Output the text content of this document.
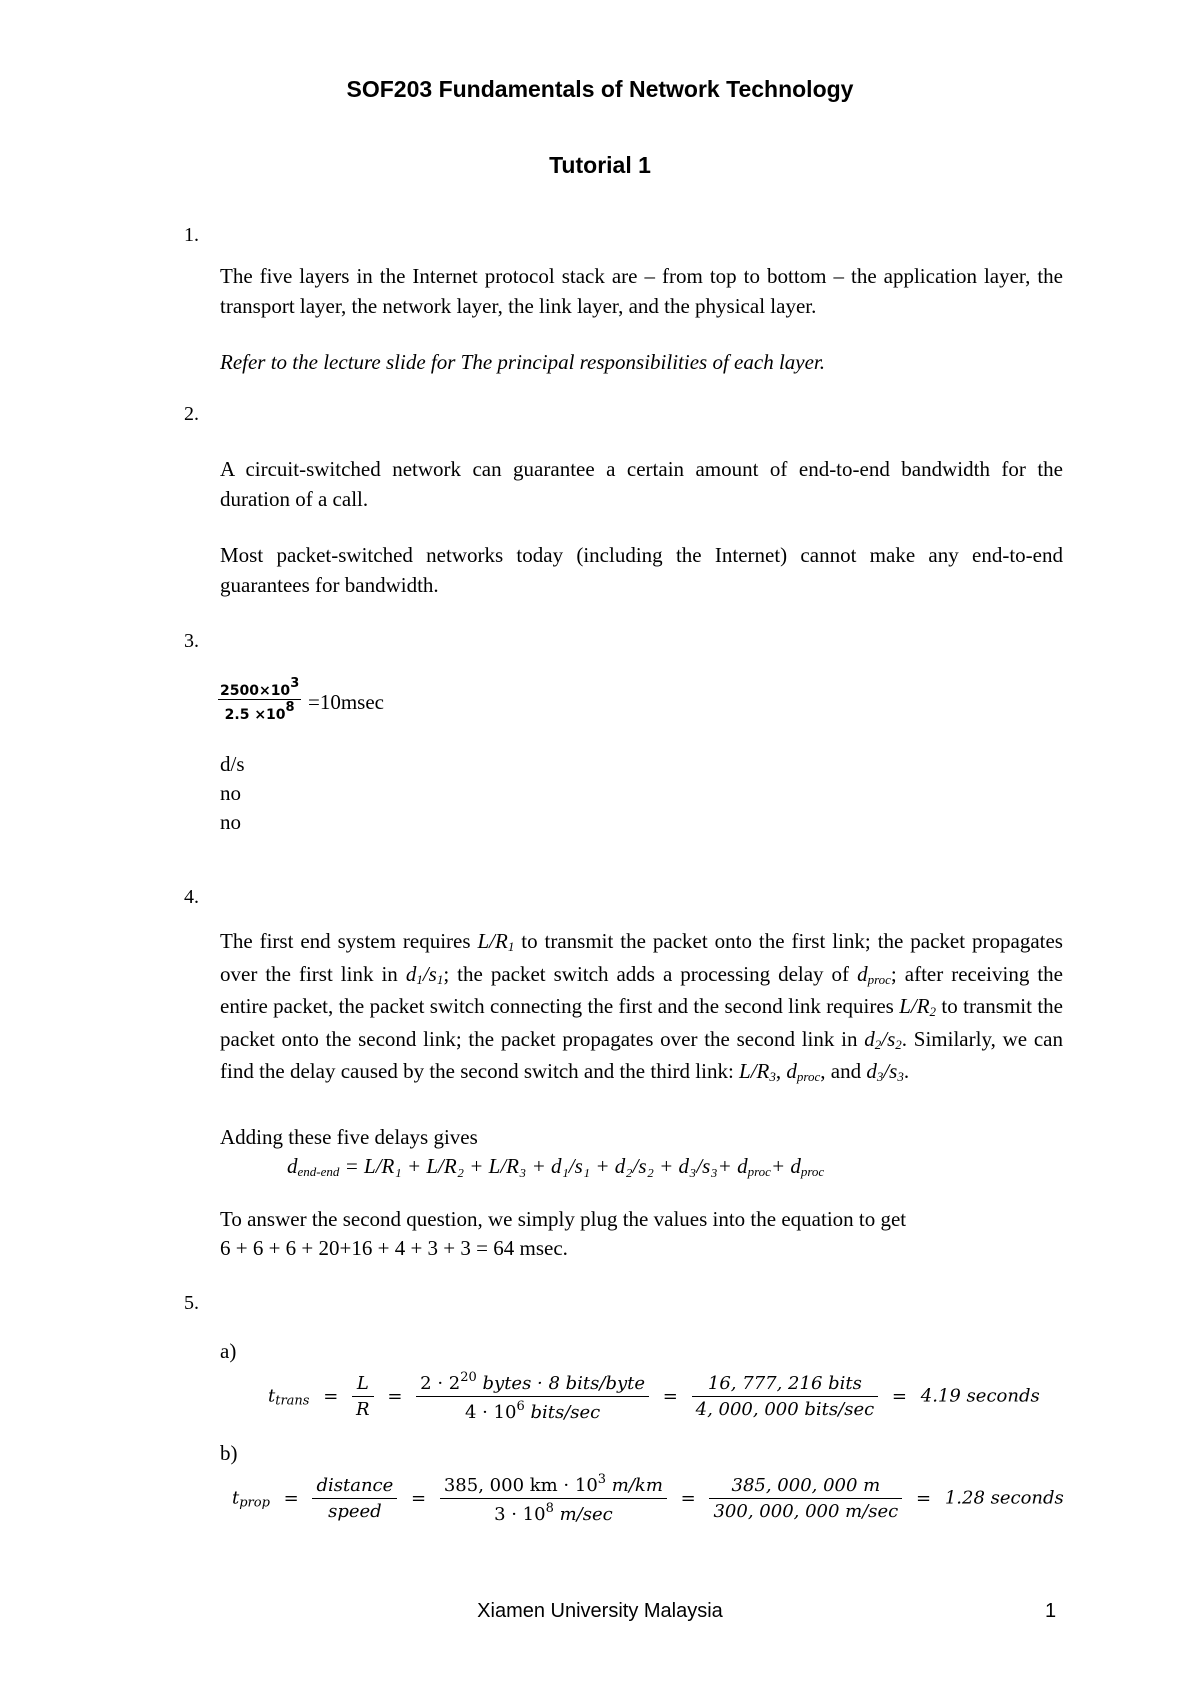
SOF203 Fundamentals of Network Technology
Tutorial 1
1.

The five layers in the Internet protocol stack are – from top to bottom – the application layer, the transport layer, the network layer, the link layer, and the physical layer.

Refer to the lecture slide for The principal responsibilities of each layer.

2.

A circuit-switched network can guarantee a certain amount of end-to-end bandwidth for the duration of a call.

Most packet-switched networks today (including the Internet) cannot make any end-to-end guarantees for bandwidth.

3.
$\frac{2500\times 10^3}{2.5 \times 10^8} =10msec$
d/s
no
no
4.

The first end system requires $L/R_1$ to transmit the packet onto the first link; the packet propagates over the first link in $d_1/s_1$; the packet switch adds a processing delay of $d_{proc}$; after receiving the entire packet, the packet switch connecting the first and the second link requires $L/R_2$ to transmit the packet onto the second link; the packet propagates over the second link in $d_2/s_2$. Similarly, we can find the delay caused by the second switch and the third link: $L/R_3$, $d_{proc}$, and $d_3/s_3$.

Adding these five delays gives
$d_{end-end} = L/R_1 + L/R_2 + L/R_3 + d_1/s_1 + d_2/s_2 + d_3/s_3+ d_{proc}+ d_{proc}$
To answer the second question, we simply plug the values into the equation to get
6 + 6 + 6 + 20+16 + 4 + 3 + 3 = 64 msec.
5.
a)
$t_{trans} = \frac{L}{R} = \frac{2 \cdot 2^{20} bytes \cdot 8 bits/byte}{4 \cdot 10^6 bits/\sec} = \frac{\text{16, 777, 216 bits}}{\text{4, 000, 000 bits/sec}} = 4.19$ seconds
b)
$t_{prop} = \frac{\text{distance}}{\text{speed}} = \frac{385, 000 km \cdot 10^3 m/km}{3 \cdot 10^8 m/\sec} = \frac{385, 000, 000 m}{300, 000, 000 m/\sec} = 1.28$ seconds
Xiamen University Malaysia	1
